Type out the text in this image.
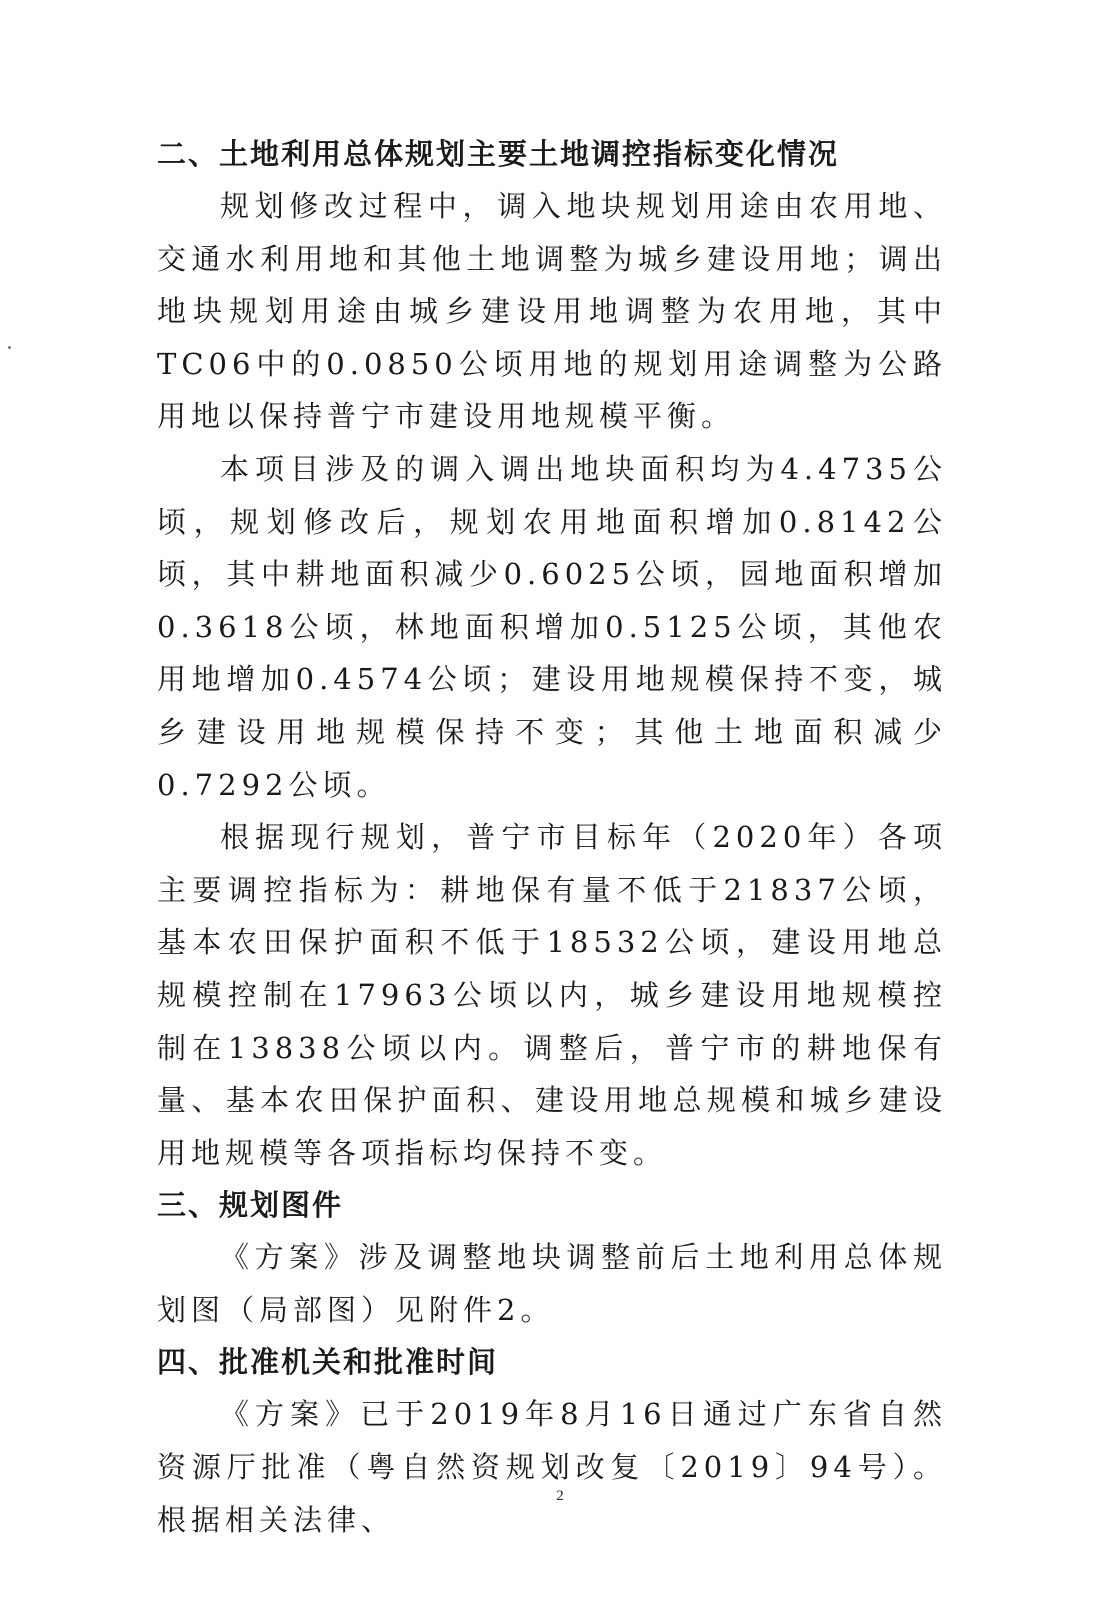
二、土地利用总体规划主要土地调控指标变化情况

规划修改过程中，调入地块规划用途由农用地、交通水利用地和其他土地调整为城乡建设用地；调出地块规划用途由城乡建设用地调整为农用地，其中TC06中的0.0850公顷用地的规划用途调整为公路用地以保持普宁市建设用地规模平衡。

本项目涉及的调入调出地块面积均为4.4735公顷，规划修改后，规划农用地面积增加0.8142公顷，其中耕地面积减少0.6025公顷，园地面积增加0.3618公顷，林地面积增加0.5125公顷，其他农用地增加0.4574公顷；建设用地规模保持不变，城乡建设用地规模保持不变；其他土地面积减少0.7292公顷。

根据现行规划，普宁市目标年（2020年）各项主要调控指标为：耕地保有量不低于21837公顷，基本农田保护面积不低于18532公顷，建设用地总规模控制在17963公顷以内，城乡建设用地规模控制在13838公顷以内。调整后，普宁市的耕地保有量、基本农田保护面积、建设用地总规模和城乡建设用地规模等各项指标均保持不变。

三、规划图件

《方案》涉及调整地块调整前后土地利用总体规划图（局部图）见附件2。

四、批准机关和批准时间

《方案》已于2019年8月16日通过广东省自然资源厅批准（粤自然资规划改复〔2019〕94号）。根据相关法律、

2
